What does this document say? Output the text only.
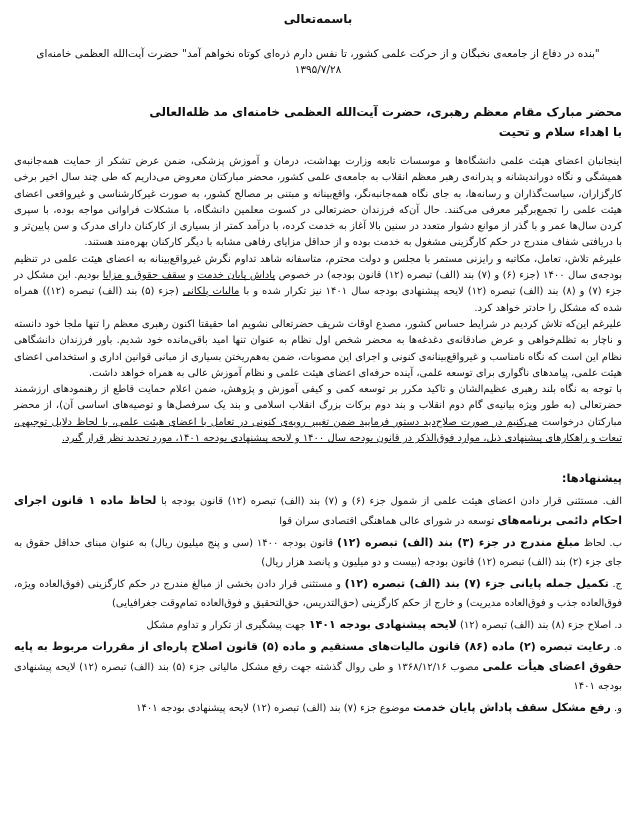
باسمه‌تعالی
"بنده در دفاع از جامعه‌ی نخبگان و از حرکت علمی کشور، تا نفس دارم ذره‌ای کوتاه نخواهم آمد" حضرت آیت‌الله العظمی خامنه‌ای ۱۳۹۵/۷/۲۸
محضر مبارک مقام معظم رهبری، حضرت آیت‌الله العظمی خامنه‌ای مد ظله‌العالی
با اهداء سلام و تحیت

اینجانبان اعضای هیئت علمی دانشگاه‌ها و موسسات تابعه وزارت بهداشت، درمان و آموزش پزشکی، ضمن عرض تشکر از حمایت همه‌جانبه‌ی همیشگی و نگاه دوراندیشانه و پدرانه‌ی رهبر معظم انقلاب به جامعه‌ی علمی کشور، محضر مبارکتان معروض می‌داریم که طی چند سال اخیر برخی کارگزاران، سیاست‌گذاران و رسانه‌ها، به جای نگاه همه‌جانبه‌نگر، واقع‌بینانه و مبتنی بر مصالح کشور، به صورت غیرکارشناسی و غیرواقعی اعضای هیئت علمی را تجمع‌برگیر معرفی می‌کنند. حال آن‌که فرزندان حضرتعالی در کسوت معلمین دانشگاه، با مشکلات فراوانی مواجه بوده، با سپری کردن سال‌ها عمر و با گذر از موانع دشوار متعدد در سنین بالا آغاز به خدمت کرده، با درآمد کمتر از بسیاری از کارکنان دارای مدرک و سن پایین‌تر و با دریافتی شفاف مندرج در حکم کارگزینی مشغول به خدمت بوده و از حداقل مزایای رفاهی مشابه با دیگر کارکنان بهره‌مند هستند.

علیرغم تلاش، تعامل، مکاتبه و رایزنی مستمر با مجلس و دولت محترم، متاسفانه شاهد تداوم نگرش غیرواقع‌بینانه به اعضای هیئت علمی در تنظیم بودجه‌ی سال ۱۴۰۰ (جزء (۶) و (۷) بند (الف) تبصره (۱۲) قانون بودجه) در خصوص پاداش پایان خدمت و سقف حقوق و مزایا بودیم. این مشکل در جزء (۷) و (۸) بند (الف) تبصره (۱۲) لایحه پیشنهادی بودجه سال ۱۴۰۱ نیز تکرار شده و با مالیات پلکانی (جزء (۵) بند (الف) تبصره (۱۲)) همراه شده که مشکل را حادتر خواهد کرد.

علیرغم این‌که تلاش کردیم در شرایط حساس کشور، مصدع اوقات شریف حضرتعالی نشویم اما حقیقتا اکنون رهبری معظم را تنها ملجا خود دانسته و ناچار به تظلم‌خواهی و عرض صادقانه‌ی دغدغه‌ها به محضر شخص اول نظام به عنوان تنها امید باقی‌مانده خود شدیم. باور فرزندان دانشگاهی نظام این است که نگاه نامناسب و غیرواقع‌بینانه‌ی کنونی و اجرای این مصوبات، ضمن به‌هم‌ریختن بسیاری از مبانی قوانین اداری و استخدامی اعضای هیئت علمی، پیامدهای ناگواری برای توسعه علمی، آینده حرفه‌ای اعضای هیئت علمی و نظام آموزش عالی به همراه خواهد داشت.

با توجه به نگاه بلند رهبری عظیم‌الشان و تاکید مکرر بر توسعه کمی و کیفی آموزش و پژوهش، ضمن اعلام حمایت قاطع از رهنمودهای ارزشمند حضرتعالی (به طور ویژه بیانیه‌ی گام دوم انقلاب و بند دوم برکات بزرگ انقلاب اسلامی و بند یک سرفصل‌ها و توصیه‌های اساسی آن)، از محضر مبارکتان درخواست می‌کنیم در صورت صلاح‌دید دستور فرمایید ضمن تغییر رویه‌ی کنونی در تعامل با اعضای هیئت علمی، با لحاظ دلایل توجیهی، تبعات و راهکارهای پیشنهادی ذیل، موارد فوق‌الذکر در قانون بودجه سال ۱۴۰۰ و لایحه پیشنهادی بودجه ۱۴۰۱، مورد تجدید نظر قرار گیرد.

پیشنهادها:

الف. مستثنی قرار دادن اعضای هیئت علمی از شمول جزء (۶) و (۷) بند (الف) تبصره (۱۲) قانون بودجه با لحاظ ماده ۱ قانون اجرای احکام دائمی برنامه‌های توسعه در شورای عالی هماهنگی اقتصادی سران قوا

ب. لحاظ مبلغ مندرج در جزء (۳) بند (الف) تبصره (۱۲) قانون بودجه ۱۴۰۰ (سی و پنج میلیون ریال) به عنوان مبنای حداقل حقوق به جای جزء (۲) بند (الف) تبصره (۱۲) قانون بودجه (بیست و دو میلیون و پانصد هزار ریال)

ج. تکمیل جمله پایانی جزء (۷) بند (الف) تبصره (۱۲) و مستثنی قرار دادن بخشی از مبالغ مندرج در حکم کارگزینی (فوق‌العاده ویژه، فوق‌العاده جذب و فوق‌العاده مدیریت) و خارج از حکم کارگزینی (حق‌التدریس، حق‌التحقیق و فوق‌العاده تمام‌وقت جغرافیایی)

د. اصلاح جزء (۸) بند (الف) تبصره (۱۲) لایحه پیشنهادی بودجه ۱۴۰۱ جهت پیشگیری از تکرار و تداوم مشکل

ه. رعایت تبصره (۲) ماده (۸۶) قانون مالیات‌های مستقیم و ماده (۵) قانون اصلاح پاره‌ای از مقررات مربوط به پایه حقوق اعضای هیأت علمی مصوب ۱۳۶۸/۱۲/۱۶ و طی روال گذشته جهت رفع مشکل مالیاتی جزء (۵) بند (الف) تبصره (۱۲) لایحه پیشنهادی بودجه ۱۴۰۱

و. رفع مشکل سقف پاداش پایان خدمت موضوع جزء (۷) بند (الف) تبصره (۱۲) لایحه پیشنهادی بودجه ۱۴۰۱
